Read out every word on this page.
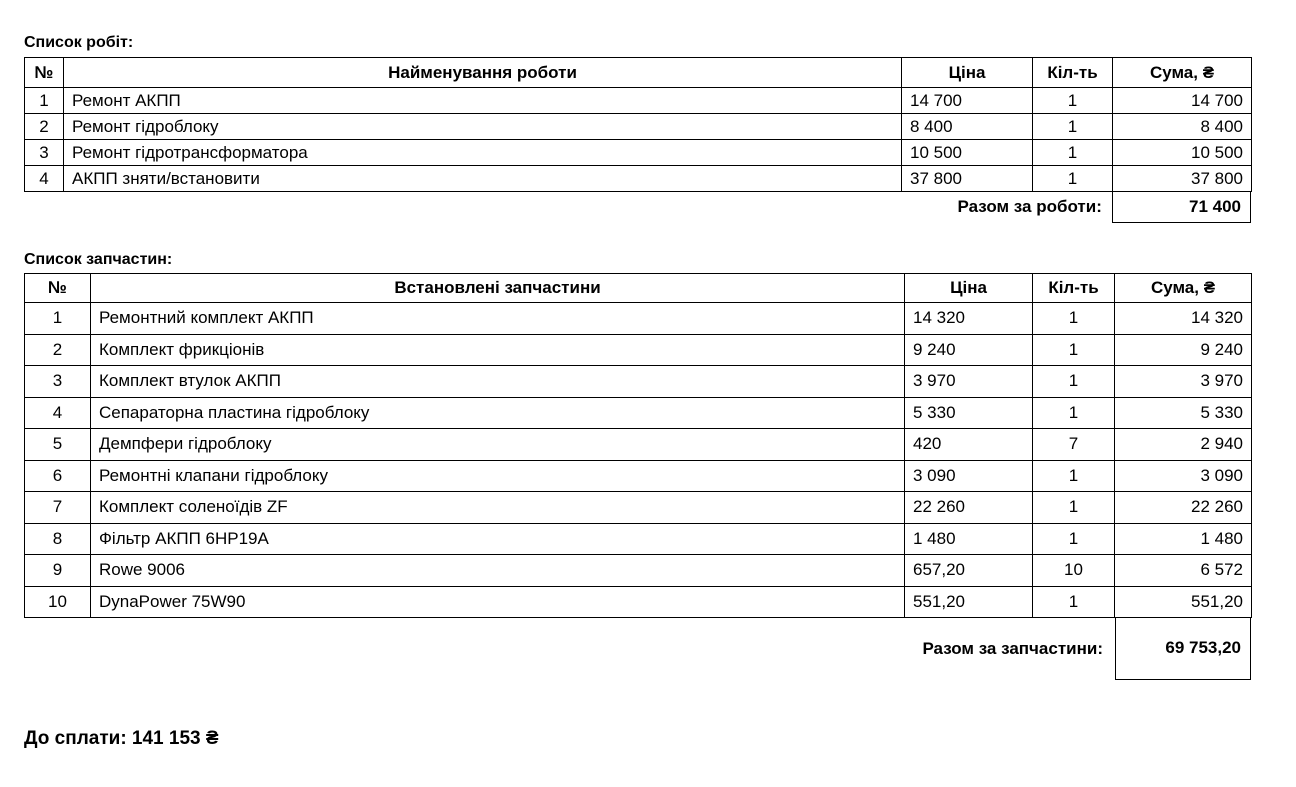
Список робіт:
№	Найменування роботи	Ціна	Кіл-ть	Сума, ₴
1	Ремонт АКПП	14 700	1	14 700
2	Ремонт гідроблоку	8 400	1	8 400
3	Ремонт гідротрансформатора	10 500	1	10 500
4	АКПП зняти/встановити	37 800	1	37 800
Разом за роботи:	71 400
Список запчастин:
№	Встановлені запчастини	Ціна	Кіл-ть	Сума, ₴
1	Ремонтний комплект АКПП	14 320	1	14 320
2	Комплект фрикціонів	9 240	1	9 240
3	Комплект втулок АКПП	3 970	1	3 970
4	Сепараторна пластина гідроблоку	5 330	1	5 330
5	Демпфери гідроблоку	420	7	2 940
6	Ремонтні клапани гідроблоку	3 090	1	3 090
7	Комплект соленоїдів ZF	22 260	1	22 260
8	Фільтр АКПП 6HP19A	1 480	1	1 480
9	Rowe 9006	657,20	10	6 572
10	DynaPower 75W90	551,20	1	551,20
Разом за запчастини:	69 753,20
До сплати: 141 153 ₴
